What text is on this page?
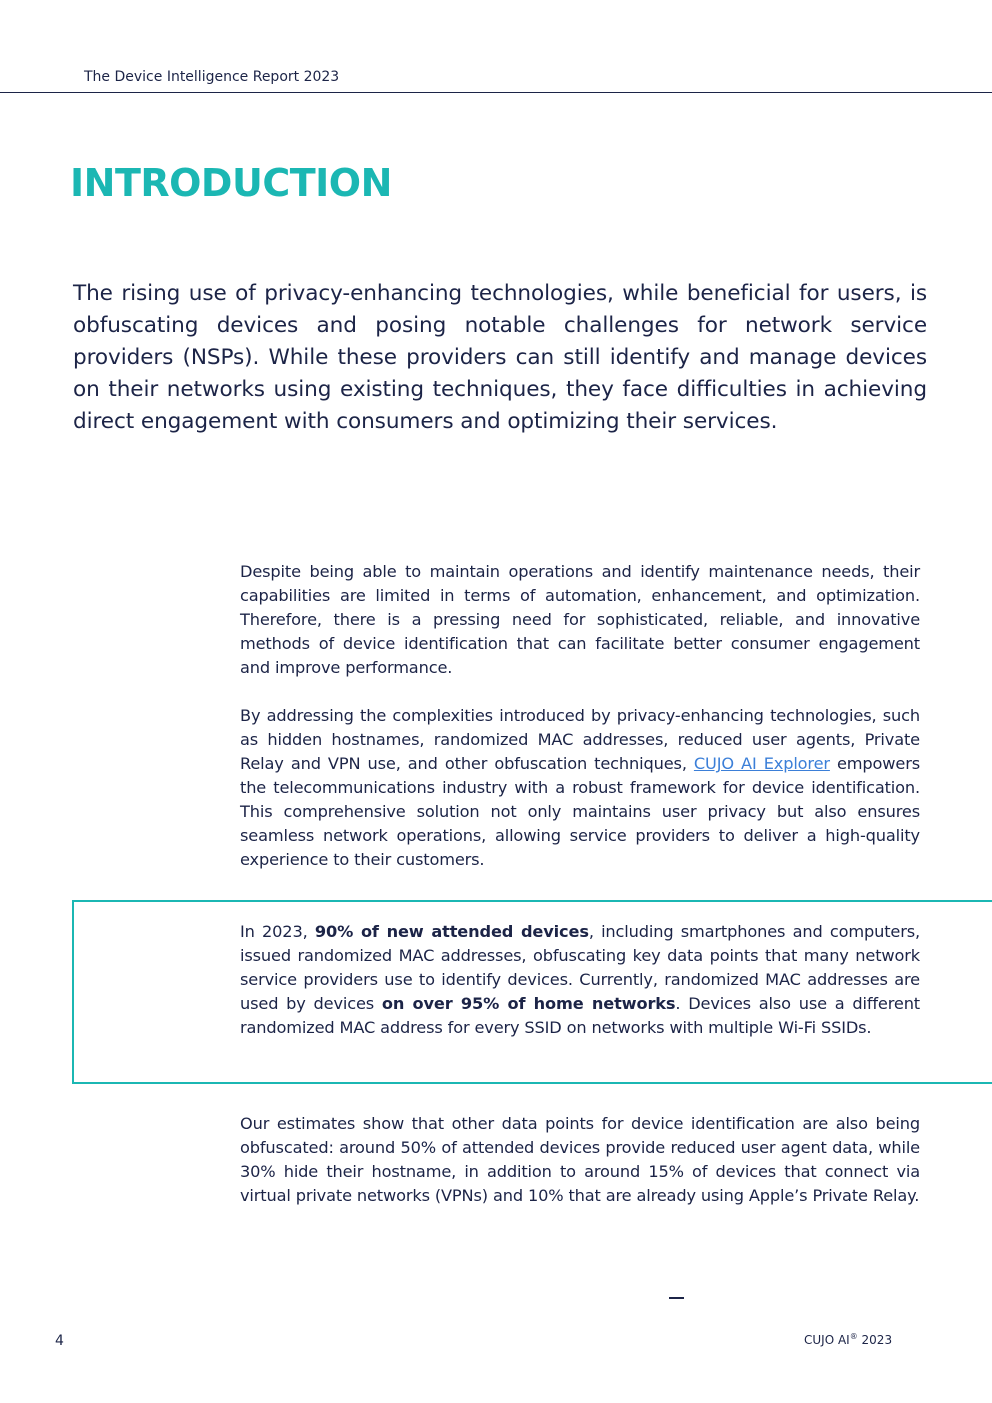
The Device Intelligence Report 2023
INTRODUCTION

The rising use of privacy-enhancing technologies, while beneficial for users, is obfuscating devices and posing notable challenges for network service providers (NSPs). While these providers can still identify and manage devices on their networks using existing techniques, they face difficulties in achieving direct engagement with consumers and optimizing their services.

Despite being able to maintain operations and identify maintenance needs, their capabilities are limited in terms of automation, enhancement, and optimization. Therefore, there is a pressing need for sophisticated, reliable, and innovative methods of device identification that can facilitate better consumer engagement and improve performance.

By addressing the complexities introduced by privacy-enhancing technologies, such as hidden hostnames, randomized MAC addresses, reduced user agents, Private Relay and VPN use, and other obfuscation techniques, CUJO AI Explorer empowers the telecommunications industry with a robust framework for device identification. This comprehensive solution not only maintains user privacy but also ensures seamless network operations, allowing service providers to deliver a high-quality experience to their customers.

In 2023, 90% of new attended devices, including smartphones and computers, issued randomized MAC addresses, obfuscating key data points that many network service providers use to identify devices. Currently, randomized MAC addresses are used by devices on over 95% of home networks. Devices also use a different randomized MAC address for every SSID on networks with multiple Wi-Fi SSIDs.

Our estimates show that other data points for device identification are also being obfuscated: around 50% of attended devices provide reduced user agent data, while 30% hide their hostname, in addition to around 15% of devices that connect via virtual private networks (VPNs) and 10% that are already using Apple’s Private Relay.

4	CUJO AI® 2023
